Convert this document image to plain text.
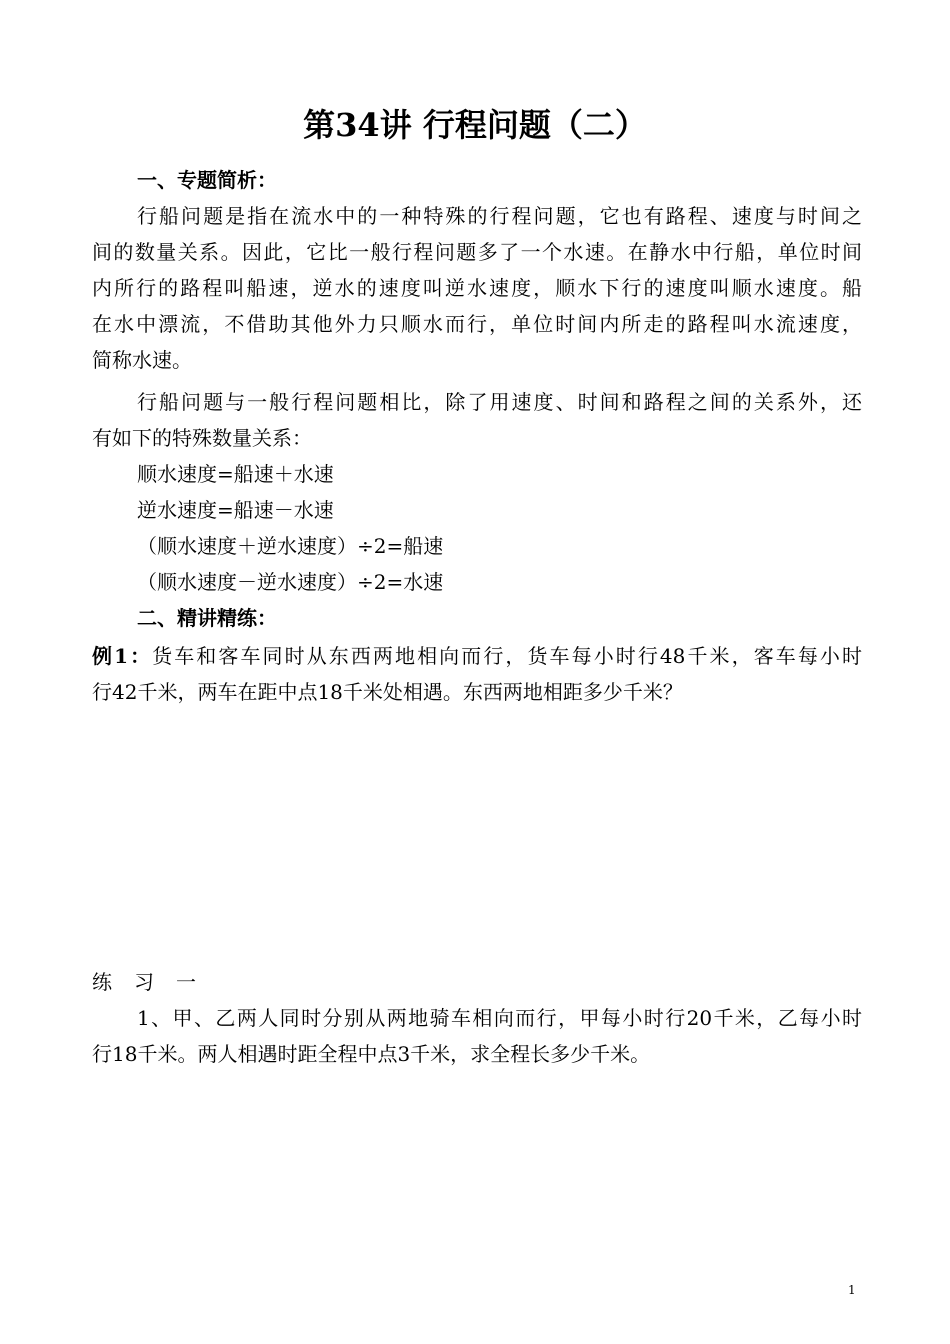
第34讲 行程问题（二）

一、专题简析：

行船问题是指在流水中的一种特殊的行程问题，它也有路程、速度与时间之

间的数量关系。因此，它比一般行程问题多了一个水速。在静水中行船，单位时间

内所行的路程叫船速，逆水的速度叫逆水速度，顺水下行的速度叫顺水速度。船

在水中漂流，不借助其他外力只顺水而行，单位时间内所走的路程叫水流速度，

简称水速。

行船问题与一般行程问题相比，除了用速度、时间和路程之间的关系外，还

有如下的特殊数量关系：

顺水速度=船速＋水速

逆水速度=船速－水速

（顺水速度＋逆水速度）÷2=船速

（顺水速度－逆水速度）÷2=水速

二、精讲精练：

例1：货车和客车同时从东西两地相向而行，货车每小时行48千米，客车每小时

行42千米，两车在距中点18千米处相遇。东西两地相距多少千米？

练习一

1、甲、乙两人同时分别从两地骑车相向而行，甲每小时行20千米，乙每小时

行18千米。两人相遇时距全程中点3千米，求全程长多少千米。

1
